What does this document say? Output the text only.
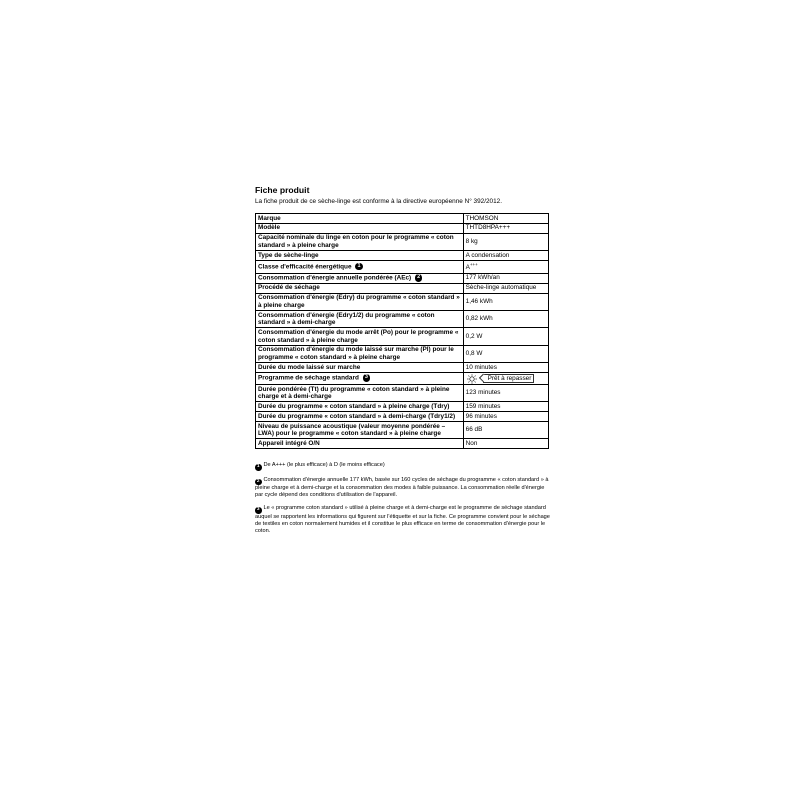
Fiche produit
La fiche produit de ce sèche-linge est conforme à la directive européenne N° 392/2012.
Marque	THOMSON
Modèle	THTD8HPA+++
Capacité nominale du linge en coton pour le programme « coton standard » à pleine charge	8 kg
Type de sèche-linge	A condensation
Classe d'efficacité énergétique 1	A+++
Consommation d'énergie annuelle pondérée (AEc) 2	177 kWh/an
Procédé de séchage	Sèche-linge automatique
Consommation d'énergie (Edry) du programme « coton standard » à pleine charge	1,46 kWh
Consommation d'énergie (Edry1/2) du programme « coton standard » à demi-charge	0,82 kWh
Consommation d'énergie du mode arrêt (Po) pour le programme « coton standard » à pleine charge	0,2 W
Consommation d'énergie du mode laissé sur marche (Pl) pour le programme « coton standard » à pleine charge	0,8 W
Durée du mode laissé sur marche	10 minutes
Programme de séchage standard 3	Prêt à repasser

Durée pondérée (Tt) du programme « coton standard » à pleine charge et à demi-charge	123 minutes
Durée du programme « coton standard » à pleine charge (Tdry)	159 minutes
Durée du programme « coton standard » à demi-charge (Tdry1/2)	96 minutes
Niveau de puissance acoustique (valeur moyenne pondérée –LWA) pour le programme « coton standard » à pleine charge	66 dB
Appareil intégré O/N	Non

1 De A+++ (le plus efficace) à D (le moins efficace)

2 Consommation d'énergie annuelle 177 kWh, basée sur 160 cycles de séchage du programme « coton standard » à pleine charge et à demi-charge et la consommation des modes à faible puissance. La consommation réelle d'énergie par cycle dépend des conditions d'utilisation de l'appareil.

3 Le « programme coton standard » utilisé à pleine charge et à demi-charge est le programme de séchage standard auquel se rapportent les informations qui figurent sur l'étiquette et sur la fiche. Ce programme convient pour le séchage de textiles en coton normalement humides et il constitue le plus efficace en terme de consommation d'énergie pour le coton.
